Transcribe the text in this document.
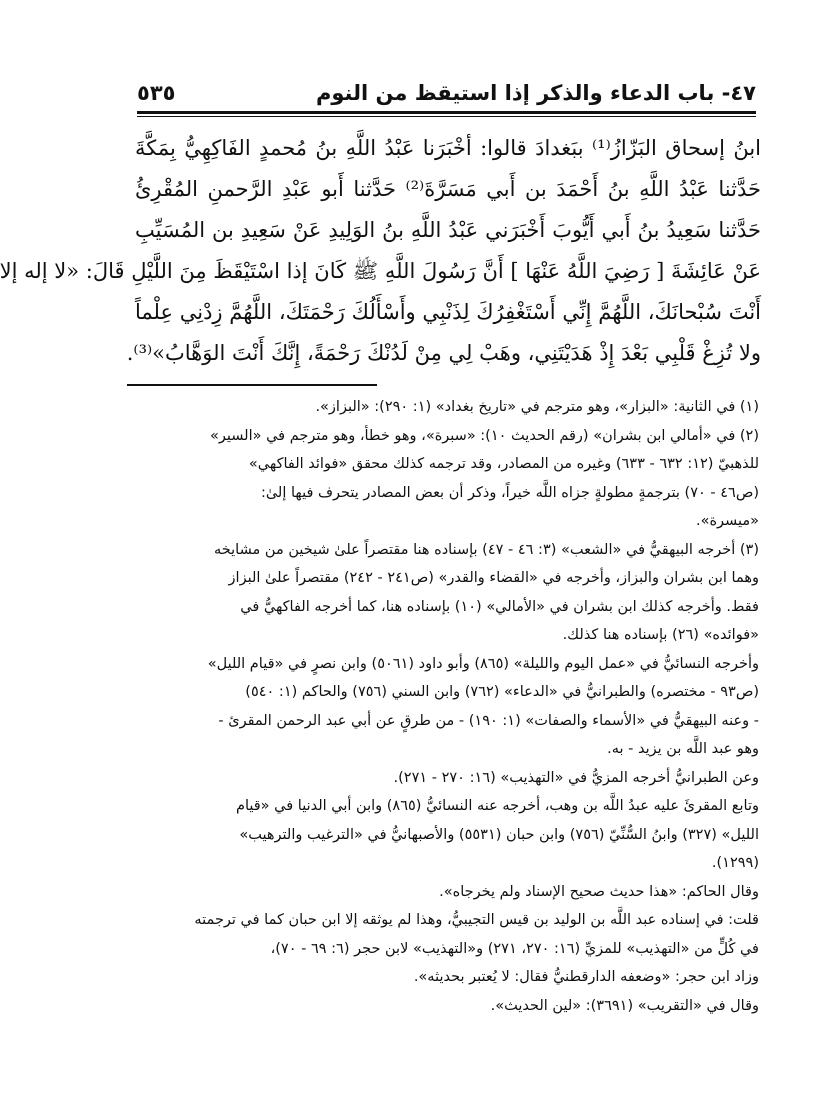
٤٧- باب الدعاء والذكر إذا استيقظ من النوم
٥٣٥
ابنُ إسحاق البَزّازُ⁽¹⁾ ببَغدادَ قالوا: أخْبَرَنا عَبْدُ اللَّهِ بنُ مُحمدٍ الفَاكِهِيُّ بِمَكَّةَ
حَدَّثنا عَبْدُ اللَّهِ بنُ أَحْمَدَ بن أَبي مَسَرَّةَ⁽²⁾ حَدَّثنا أَبو عَبْدِ الرَّحمنِ المُقْرِئُ
حَدَّثنا سَعِيدُ بنُ أَبي أَيُّوبَ أَخْبَرَني عَبْدُ اللَّهِ بنُ الوَلِيدِ عَنْ سَعِيدِ بن المُسَيِّبِ
عَنْ عَائِشَةَ [ رَضِيَ اللَّهُ عَنْهَا ] أَنَّ رَسُولَ اللَّهِ ﷺ كَانَ إذا اسْتَيْقَظَ مِنَ اللَّيْلِ قَالَ: «لا إله إلا
أَنْتَ سُبْحانَكَ، اللَّهُمَّ إِنِّي أَسْتَغْفِرُكَ لِذَنْبِي وأَسْأَلُكَ رَحْمَتَكَ، اللَّهُمَّ زِدْنِي عِلْماً
ولا تُزِغْ قَلْبِي بَعْدَ إِذْ هَدَيْتَنِي، وهَبْ لِي مِنْ لَدُنْكَ رَحْمَةً، إِنَّكَ أَنْتَ الوَهَّابُ»⁽³⁾.
(١) في الثانية: «البزار»، وهو مترجم في «تاريخ بغداد» (١: ٢٩٠): «البزاز».
(٢) في «أمالي ابن بشران» (رقم الحديث ١٠): «سبرة»، وهو خطأ، وهو مترجم في «السير»
للذهبيّ (١٢: ٦٣٢ - ٦٣٣) وغيره من المصادر، وقد ترجمه كذلك محقق «فوائد الفاكهي»
(ص٤٦ - ٧٠) بترجمةٍ مطولةٍ جزاه اللَّه خيراً، وذكر أن بعض المصادر يتحرف فيها إلىٰ:
«ميسرة».
(٣) أخرجه البيهقيُّ في «الشعب» (٣: ٤٦ - ٤٧) بإسناده هنا مقتصراً علىٰ شيخين من مشايخه
وهما ابن بشران والبزاز، وأخرجه في «القضاء والقدر» (ص٢٤١ - ٢٤٢) مقتصراً علىٰ البزاز
فقط. وأخرجه كذلك ابن بشران في «الأمالي» (١٠) بإسناده هنا، كما أخرجه الفاكهيُّ في
«فوائده» (٢٦) بإسناده هنا كذلك.
وأخرجه النسائيُّ في «عمل اليوم والليلة» (٨٦٥) وأبو داود (٥٠٦١) وابن نصرٍ في «قيام الليل»
(ص٩٣ - مختصره) والطبرانيُّ في «الدعاء» (٧٦٢) وابن السني (٧٥٦) والحاكم (١: ٥٤٠)
- وعنه البيهقيُّ في «الأسماء والصفات» (١: ١٩٠) - من طرقٍ عن أبي عبد الرحمن المقرئ -
وهو عبد اللَّه بن يزيد - به.
وعن الطبرانيُّ أخرجه المزيُّ في «التهذيب» (١٦: ٢٧٠ - ٢٧١).
وتابع المقرئَ عليه عبدُ اللَّه بن وهب، أخرجه عنه النسائيُّ (٨٦٥) وابن أبي الدنيا في «قيام
الليل» (٣٢٧) وابنُ السُّنِّيّ (٧٥٦) وابن حبان (٥٥٣١) والأصبهانيُّ في «الترغيب والترهيب»
(١٢٩٩).
وقال الحاكم: «هذا حديث صحيح الإسناد ولم يخرجاه».
قلت: في إسناده عبد اللَّه بن الوليد بن قيس التجيبيُّ، وهذا لم يوثقه إلا ابن حبان كما في ترجمته
في كُلٍّ من «التهذيب» للمزيِّ (١٦: ٢٧٠، ٢٧١) و«التهذيب» لابن حجر (٦: ٦٩ - ٧٠)،
وزاد ابن حجر: «وضعفه الدارقطنيُّ فقال: لا يُعتبر بحديثه».
وقال في «التقريب» (٣٦٩١): «لين الحديث».
